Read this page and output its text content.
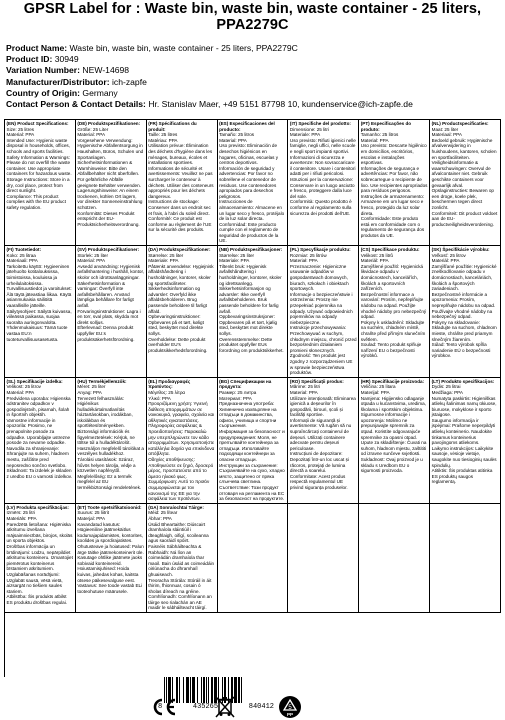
GPSR Label for : Waste bin, waste bin, waste container - 25 liters, PPA2279C
Product Name: Waste bin, waste bin, waste container - 25 liters, PPA2279C
Product ID: 30949
Variation Number: NEW-14698
Manufacturer/Distributor: ich-zapfe
Country of Origin: Germany
Contact Person & Contact Details: Hr. Stanislav Maer, +49 5151 87798 10, kundenservice@ich-zapfe.de
(EN) Product Specifications:
Size: 25 litres
Material: PPA
Intended Use: Hygienic waste disposal in households, offices, schools and sports facilities.
Safety Information & Warnings: Please do not overfill the waste container. Use appropriate containers for hazardous waste.
Storage Instructions: Store in a dry, cool place, protect from direct sunlight.
Compliance: This product complies with the EU product safety regulation.
(DE) Produktspezifikationen:
Größe: 25 Liter
Material: PPA
Vorgesehene Verwendung: Hygienische Abfallentsorgung in Haushalten, Büros, Schulen und Sportanlagen.
Sicherheitsinformationen & Warnhinweise: Bitte den Abfallbehälter nicht überfüllen. Für gefährliche Abfälle geeignete Behälter verwenden.
Lagerungshinweise: An einem trockenen, kühlen Ort lagern, vor direkter Sonneneinstrahlung schützen.
Konformität: Dieses Produkt entspricht der EU-Produktsicherheitsverordnung.
(FR) Spécifications du produit:
Taille: 25 litres
Matériau: PPA
Utilisation prévue: Élimination des déchets d'hygiène dans les ménages, bureaux, écoles et installations sportives.
Informations de sécurité et avertissements: Veuillez ne pas surcharger le conteneur à déchets. Utiliser des conteneurs appropriés pour les déchets dangereux.
Instructions de stockage: Conserver dans un endroit sec et frais, à l'abri du soleil direct.
Conformité: Ce produit est conforme au règlement de l'UE sur la sécurité des produits.
(ES) Especificaciones del producto:
Tamaño: 25 litros
Material: PPA
Uso previsto: Eliminación de desechos higiénicos en hogares, oficinas, escuelas y centros deportivos.
Información de seguridad y advertencias: Por favor no sobrellene el contenedor de residuos. Use contenedores apropiados para desechos peligrosos.
Instrucciones de almacenamiento: Almacene en un lugar seco y fresco, protéjalo de la luz solar directa.
Conformidad: Este producto cumple con el reglamento de seguridad de productos de la UE.
(IT) Specifiche del prodotto:
Dimensione: 25 litri
Materiale: PPA
Uso previsto: Rifiuti igienici nelle famiglie, negli uffici, nelle scuole e negli sport impianti sportivi.
Informazioni di sicurezza e avvertenze: Non sovraccaricare il contenitore. Usare i contenitori adatti per i rifiuti pericolosi.
Istruzioni per la conservazione: Conservare in un luogo asciutto e fresco, proteggere dalla luce del sole.
Conformità: Questo prodotto è conforme al regolamento sulla sicurezza dei prodotti dell'UE.
(PT) Especificações do produto:
Tamanho: 25 litros
Material: PPA
Uso previsto: Descarte higiênico em domicílios, escritórios, escolas e instalações esportivas.
Informações de segurança e advertências: Por favor, não sobrecarregue o recipiente de lixo. Use recipientes apropriados para resíduos perigosos.
Instruções de armazenamento: Armazene em um lugar seco e fresco, protegido da luz solar direta.
Conformidade: Este produto está em conformidade com o regulamento de segurança dos produtos da UE.
(NL) Productspecificaties:
Maat: 25 liter
Materiaal: PPA
Bedoeld gebruik: Hygiënische afvalverwijdering in huishoudens, kantoren, scholen en sportfaciliteiten.
Veiligheidsinformatie & waarschuwingen: Overvul de afvalcontainer niet. Gebruik geschikte containers voor gevaarlijk afval.
Opslaginstructies: Bewaren op een droge, koele plek, beschermen tegen direct zonlicht.
Conformiteit: Dit product voldoet aan de EU-productveiligheidsverordening.
(FI) Tuotetiedot:
Koko: 25 litraa
Materiaali: PPA
Tarkoitettu käyttö: Hygieeninen jätehuolto kotitalouksissa, toimistoissa, kouluissa ja urheilulaitoksissa.
Turvallisuustiedot ja varoitukset: Älä täytä jäteastiaa liikaa. Käytä asianmukaisia säiliöitä vaarallisille jätteille.
Säilytysohjeet: Säilytä kuivassa, viileässä paikassa, suojaa suoralta auringonvalolta.
Yhdenmukaisuus: Tämä tuote vastaa EU:n tuoteturvallisuusasetusta.
(SV) Produktspecifikationer:
Storlek: 25 liter
Material: PPA
Avsedd användning: Hygienisk avfallshantering i hushåll, kontor, skolor och idrottsanläggningar.
Säkerhetsinformation & varningar: Överfyll inte avfallsbehållaren. Använd lämpliga behållare för farligt avfall.
Förvaringsinstruktioner: Lagra i en torr, sval plats, skydda mot direkt solljus.
Efterlevnad: Denna produkt uppfyller EU:s produktsäkerhetsförordning.
(DA) Produktspecifikationer:
Størrelse: 25 liter
Materiale: PPA
Påtænkt anvendelse: Hygiejnisk affaldshåndtering i husholdninger, kontorer, skoler og sportsfaciliteter.
Sikkerhedsinformation og advarsler: Overfyld ikke affaldsbeholderen. Brug passende beholdere til farligt affald.
Opbevaringsinstruktioner: Opbevares på et tørt, køligt sted, beskyttet mod direkte sollys.
Overholdelse: Dette produkt overholder EU's produktsikkerhedsforordning.
(NB) Produktspesifikasjoner:
Størrelse: 25 liter
Materiale: PPA
Tiltenkt bruk: Hygienisk avfallshåndtering i husholdninger, kontorer, skoler og idrettsanlegg.
Sikkerhetsinformasjon og advarsler: Ikke overfyll avfallsbeholderen. Bruk passende beholdere for farlig avfall.
Oppbevaringsinstruksjoner: Oppbevares på et tørt, kjølig sted, beskyttet mot direkte sollys.
Overensstemmelse: Dette produktet oppfyller EUs forordning om produktsikkerhet.
(PL) Specyfikacje produktu:
Rozmiar: 25 litrów
Materiał: PPA
Przeznaczenie: Higieniczne usuwanie odpadów w gospodarstwach domowych, biurach, szkołach i obiektach sportowych.
Informacje o bezpieczeństwie i ostrzeżenia: Proszę nie przepełniać pojemnika na odpady. Używać odpowiednich pojemników na odpady niebezpieczne.
Instrukcje przechowywania: Przechowywać w suchym, chłodnym miejscu, chronić przed bezpośrednim działaniem promieni słonecznych.
Zgodność: Ten produkt jest zgodny z rozporządzeniem UE w sprawie bezpieczeństwa produktów.
(CS) Specifikace produktu:
Velikost: 25 litrů
Materiál: PPA
Zamýšlené použití: Hygienická likvidace odpadu v domácnostech, kancelářích, školách a sportovních zařízeních.
Bezpečnostní informace a varování: Prosím, nepřeplňujte nádobu na odpad. Použijte vhodné nádoby pro nebezpečný odpad.
Pokyny k uskladnění: Skladujte na suchém, chladném místě, chraňte před přímým slunečním světlem.
Soulad: Tento produkt splňuje nařízení EU o bezpečnosti výrobků.
(SK) Špecifikácie výrobku:
Veľkosť: 25 litrov
Materiál: PPA
Zamýšľané použitie: Hygienické zneškodňovanie odpadu v domácnostiach, kanceláriách, školách a športových zariadeniach.
Bezpečnostné informácie a upozornenia: Prosím, nepreplňujte nádobu na odpad. Používajte vhodné nádoby na nebezpečný odpad.
Pokyny na skladovanie: Skladujte na suchom, chladnom mieste, chráňte pred priamym slnečným žiarením.
Súlad: Tento výrobok spĺňa nariadenie EÚ o bezpečnosti výrobkov.
(SL) Specifikacije izdelka:
Velikost: 25 litrov
Material: PPA
Predvidena uporaba: Higienska odstranitev odpadkov v gospodinjstvih, pisarnah, šolah in športnih objektih.
Varnostne informacije in opozorila: Prosimo, ne prenapolnite posode za odpadke. Uporabljajte ustrezne posode za nevarne odpadke.
Navodila za shranjevanje: Shranjujte na suhem, hladnem mestu, zaščitite pred neposredno sončno svetlobo.
Skladnost: Ta izdelek je skladen z uredbo EU o varnosti izdelkov.
(HU) Termékjellemzők:
Méret: 25 liter
Anyag: PPA
Tervezett felhasználás: Higiénikus hulladékártalmatlanítás háztartásokban, irodákban, iskolákban és sportlétesítményekben.
Biztonsági információk és figyelmeztetések: Kérjük, ne töltse túl a hulladéktárolót. Használjon megfelelő tárolókat a veszélyes hulladékhoz.
Tárolási utasítások: Száraz, hűvös helyen tárolja, védje a közvetlen napfénytől.
Megfelelőség: Ez a termék megfelel az EU termékbiztonsági rendeletének.
(EL) Προδιαγραφές προϊόντος:
Μέγεθος: 25 λίτρα
Υλικό: PPA
Προοριζόμενη χρήση: Υγιεινή διάθεση απορριμμάτων σε νοικοκυριά, γραφεία, σχολεία και αθλητικές εγκαταστάσεις.
Πληροφορίες ασφάλειας & προειδοποιήσεις: Παρακαλώ μην υπερπληρώνετε τον κάδο απορριμμάτων. Χρησιμοποιήστε κατάλληλα δοχεία για επικίνδυνα απόβλητα.
Οδηγίες αποθήκευσης: Αποθηκεύστε σε ξηρό, δροσερό μέρος, προστατεύστε από το άμεσο ηλιακό φως.
Συμμόρφωση: Αυτό το προϊόν συμμορφώνεται με τον κανονισμό της ΕΕ για την ασφάλεια των προϊόντων.
(BG) Спецификации на продукта:
Размер: 25 литра
Материал: PPA
Предназначена употреба: Хигиенично изхвърляне на отпадъци в домакинства, офиси, училища и спортни съоръжения.
Информация за безопасност и предупреждения: Моля, не препълвайте контейнера за отпадъци. Използвайте подходящи контейнери за опасни отпадъци.
Инструкции за съхранение: Съхранявайте на сухо, хладно място, защитено от пряка слънчева светлина.
Съответствие: Този продукт отговаря на регламента на ЕС за безопасност на продуктите.
(RO) Specificații produs:
Mărime: 25 litri
Material: PPA
Utilizare intenționată: Eliminarea igienică a deșeurilor în gospodării, birouri, școli și facilități sportive.
Informații de siguranță și avertismente: Vă rugăm să nu supraîncărcați containerul de deșeuri. Utilizați containere adecvate pentru deșeuri periculoase.
Instrucțiuni de depozitare: Depozitați într-un loc uscat și răcoros, protejați de lumina directă a soarelui.
Conformitate: Acest produs respectă regulamentul UE privind siguranța produselor.
(HR) Specifikacije proizvoda:
Veličina: 25 litara
Materijal: PPA
Namjena: Higijensko odlaganje otpada u kućanstvima, uredima, školama i sportskim objektima.
Sigurnosne informacije i upozorenja: Molimo ne prepunjavajte spremnik za otpad. Koristite odgovarajuće spremnike za opasni otpad.
Upute za skladištenje: Čuvati na suhom, hladnom mjestu, zaštititi od izravne sunčeve svjetlosti.
Sukladnost: Ovaj proizvod je u skladu s Uredbom EU o sigurnosti proizvoda.
(LT) Produkto specifikacijos:
Dydis: 25 litrai
Medžiaga: PPA
Numatyta paskirtis: Higieniškas atliekų šalinimas namų ūkiuose, biuruose, mokyklose ir sporto įstaigose.
Saugumo informacija ir įspėjimai: Prašome neperpildyti atliekų konteinerio. Naudokite tinkamus konteinerius pavojingoms atliekoms.
Laikymo instrukcijos: Laikykite sausoje, vėsioje vietoje, saugokite nuo tiesioginių saulės spindulių.
Atitiktis: Šis produktas atitinka ES produktų saugos reglamentą.
(LV) Produkta specifikācijas:
Izmērs: 25 litri
Materiāls: PPA
Paredzētā lietošana: Higiēniska atkritumu izvešana mājsaimniecībās, birojos, skolās un sporta objektos.
Drošības informācija un brīdinājumi: Lūdzu, nepārpildiet atkritumu konteineru. Izmantojiet piemērotus konteinerus bīstamiem atkritumiem.
Uzglabāšanas norādījumi: Uzglabāt sausā, vēsā vietā, aizsargāt no tiešiem saules stariem.
Atbilstība: Šis produkts atbilst ES produktu drošības regulai.
(ET) Toote spetsifikatsioonid:
Suurus: 25 liitrit
Materjal: PPA
Kavandatud kasutus: Hügieeniline jäätmekäitlus kodumajapidamistes, kontorites, koolides ja spordirajatistes.
Ohutusteave ja hoiatused: Palun ärge täitke jäätmekonteinerit üle. Kasutage ohtlike jäätmete jaoks sobivaid konteinereid.
Hoiustamisjuhised: Hoida kuivas, jahedas kohas, kaitsta otsese päikesevalguse eest.
Vastavus: See toode vastab ELi tooteohutuse määrusele.
(GA) Sonraíochtaí Táirge:
Méid: 25 lítear
Ábhar: PPA
Úsáid Bheartaithe: Diúscairt dramhaíola sláintiúil i dteaghlaigh, oifigí, scoileanna agus saoráidí spóirt.
Faisnéis Sábháilteachta & Rabhaidh: Ná líon an coimeádán dramhaíola thar maoil. Bain úsáid as coimeádáin oiriúnacha do dhramhaíl ghuaiseach.
Treoracha Stórála: Stóráil in áit thirim, fhionnuar, cosain ó sholas díreach na gréine.
Comhlíonadh: Comhlíonann an táirge seo rialachán an AE maidir le sábháilteacht táirgí.
8	435265	840412 5
PP
